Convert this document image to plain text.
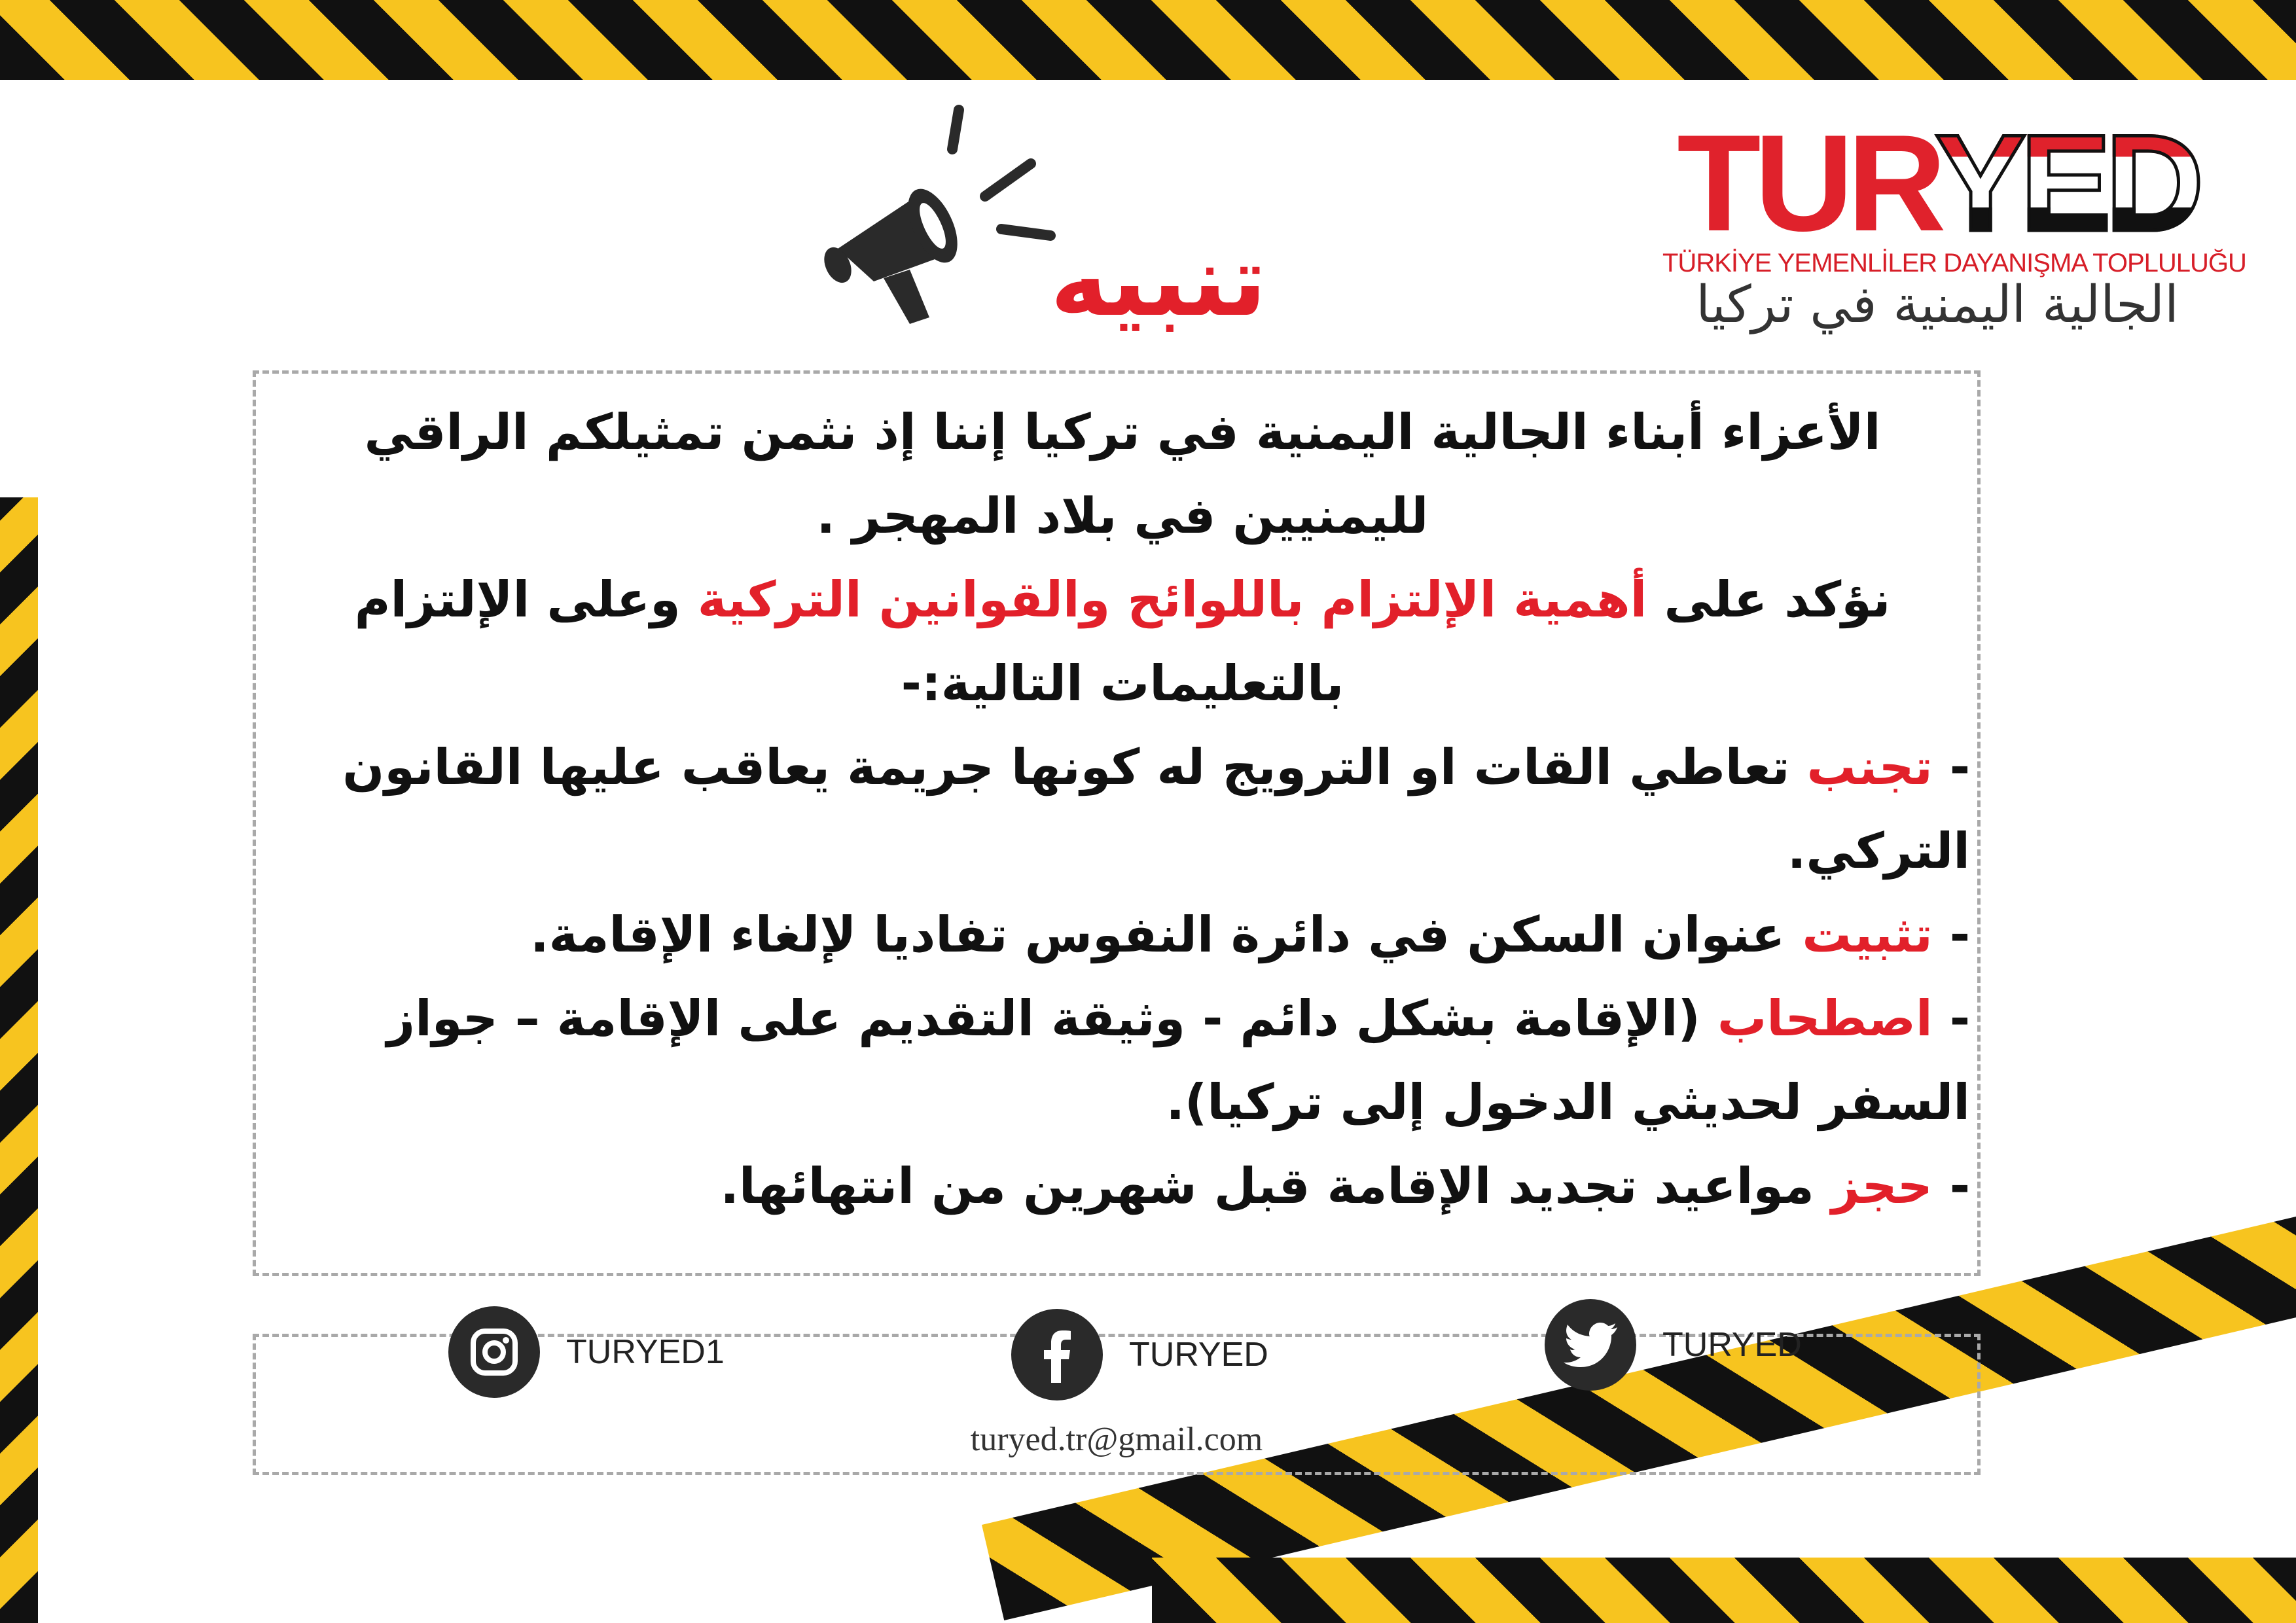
TURYED
TÜRKİYE YEMENLİLER DAYANIŞMA TOPLULUĞU
الجالية اليمنية في تركيا
تنبيه

الأعزاء أبناء الجالية اليمنية في تركيا إننا إذ نثمن تمثيلكم الراقي

لليمنيين في بلاد المهجر .

نؤكد على أهمية الإلتزام باللوائح والقوانين التركية وعلى الإلتزام

بالتعليمات التالية:-

- تجنب تعاطي القات او الترويج له كونها جريمة يعاقب عليها القانون التركي.

- تثبيت عنوان السكن في دائرة النفوس تفاديا لإلغاء الإقامة.

- اصطحاب (الإقامة بشكل دائم - وثيقة التقديم على الإقامة – جواز السفر لحديثي الدخول إلى تركيا).

- حجز مواعيد تجديد الإقامة قبل شهرين من انتهائها.

TURYED1	TURYED	TURYED
turyed.tr@gmail.com
